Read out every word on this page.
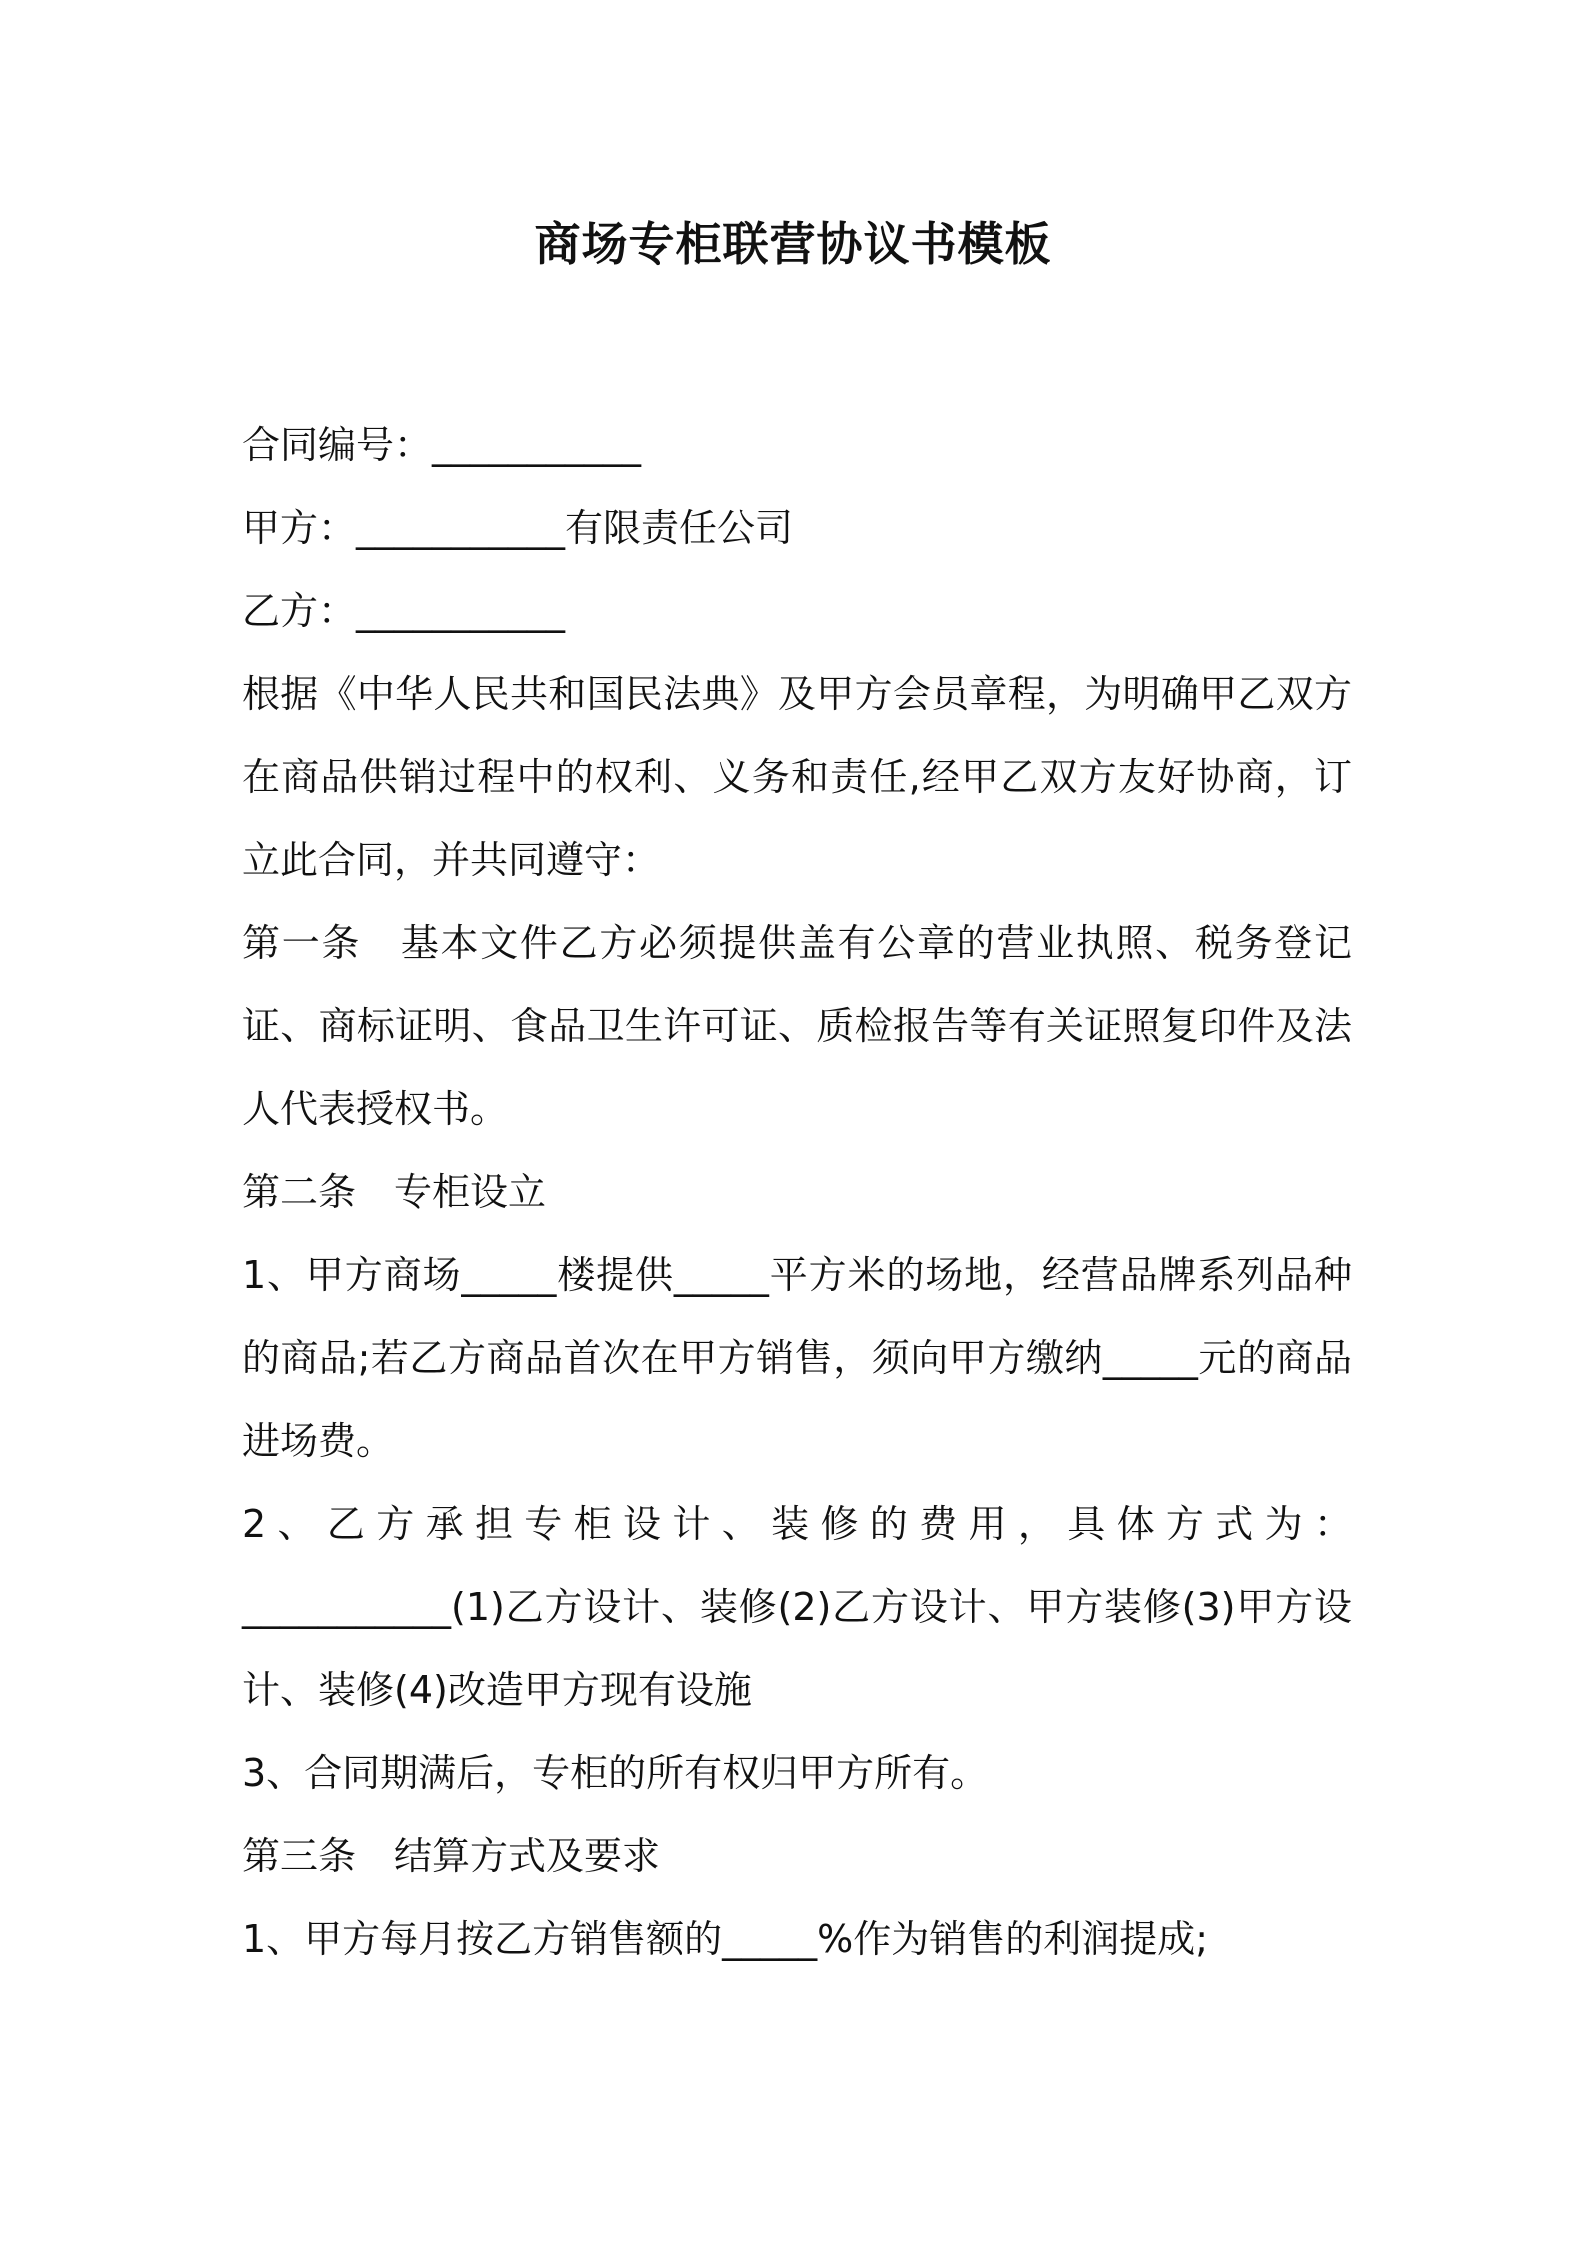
商场专柜联营协议书模板
合同编号：___________
甲方：___________有限责任公司
乙方：___________
根据《中华人民共和国民法典》及甲方会员章程，为明确甲乙双方在商品供销过程中的权利、义务和责任,经甲乙双方友好协商，订立此合同，并共同遵守：
第一条　基本文件乙方必须提供盖有公章的营业执照、税务登记证、商标证明、食品卫生许可证、质检报告等有关证照复印件及法人代表授权书。
第二条　专柜设立
1、甲方商场_____楼提供_____平方米的场地，经营品牌系列品种的商品;若乙方商品首次在甲方销售，须向甲方缴纳_____元的商品进场费。
2、乙方承担专柜设计、装修的费用，具体方式为：___________(1)乙方设计、装修(2)乙方设计、甲方装修(3)甲方设计、装修(4)改造甲方现有设施
3、合同期满后，专柜的所有权归甲方所有。
第三条　结算方式及要求
1、甲方每月按乙方销售额的_____%作为销售的利润提成;
